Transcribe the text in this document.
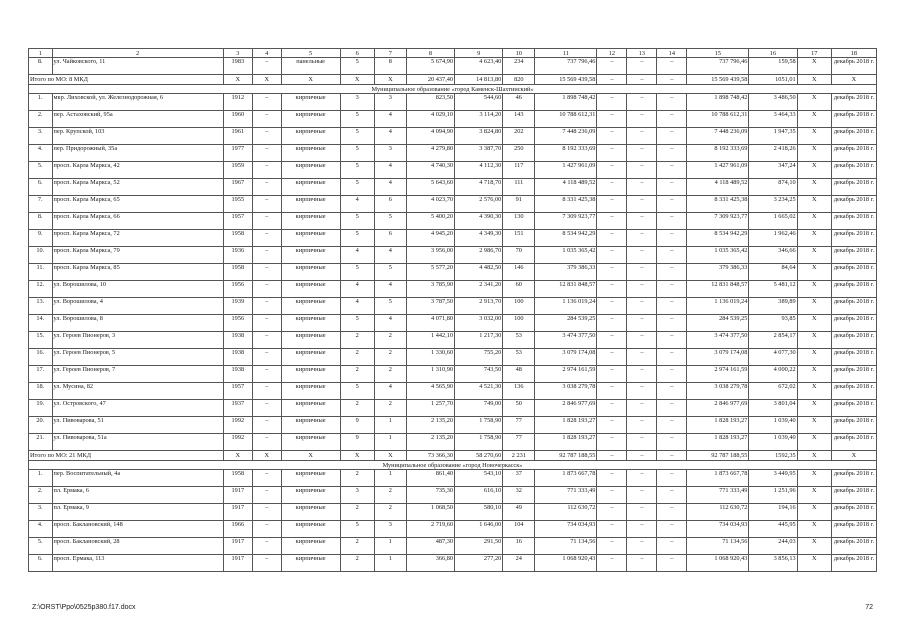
1	2	3	4	5	6	7	8	9	10	11	12	13	14	15	16	17	18
8.	ул. Чайковского, 11	1983	–	панельные	5	8	5 674,90	4 623,40	234	737 796,46	–	–	–	737 796,46	159,58	X	декабрь 2018 г.
Итого по МО: 8 МКД		X	X	X	X	X	20 437,40	14 813,80	820	15 569 439,58	–	–	–	15 569 439,58	1051,01	X	X
Муниципальное образование «город Каменск-Шахтинский»																	
1.	мкр. Лиховской, ул. Железнодорожная, 6	1912	–	кирпичные	3	3	823,50	544,60	46	1 898 748,42	–	–	–	1 898 748,42	3 486,50	X	декабрь 2018 г.
2.	пер. Астаховский, 95а	1960	–	кирпичные	5	4	4 029,10	3 114,20	143	10 788 612,31	–	–	–	10 788 612,31	3 464,33	X	декабрь 2018 г.
3.	пер. Крупской, 103	1961	–	кирпичные	5	4	4 094,90	3 824,80	202	7 448 236,09	–	–	–	7 448 236,09	1 947,35	X	декабрь 2018 г.
4.	пер. Придорожный, 35а	1977	–	кирпичные	5	3	4 279,80	3 387,70	250	8 192 333,69	–	–	–	8 192 333,69	2 418,26	X	декабрь 2018 г.
5.	просп. Карла Маркса, 42	1959	–	кирпичные	5	4	4 740,30	4 112,30	117	1 427 961,09	–	–	–	1 427 961,09	347,24	X	декабрь 2018 г.
6.	просп. Карла Маркса, 52	1967	–	кирпичные	5	4	5 643,60	4 718,70	111	4 118 489,52	–	–	–	4 118 489,52	874,10	X	декабрь 2018 г.
7.	просп. Карла Маркса, 65	1955	–	кирпичные	4	6	4 023,70	2 576,00	91	8 331 425,38	–	–	–	8 331 425,38	3 234,25	X	декабрь 2018 г.
8.	просп. Карла Маркса, 66	1957	–	кирпичные	5	5	5 400,20	4 390,30	130	7 309 923,77	–	–	–	7 309 923,77	1 665,02	X	декабрь 2018 г.
9.	просп. Карла Маркса, 72	1958	–	кирпичные	5	6	4 945,20	4 349,30	151	8 534 942,29	–	–	–	8 534 942,29	1 962,46	X	декабрь 2018 г.
10.	просп. Карла Маркса, 79	1936	–	кирпичные	4	4	3 956,00	2 986,70	70	1 035 365,42	–	–	–	1 035 365,42	346,66	X	декабрь 2018 г.
11.	просп. Карла Маркса, 85	1958	–	кирпичные	5	5	5 577,20	4 482,50	146	379 386,33	–	–	–	379 386,33	84,64	X	декабрь 2018 г.
12.	ул. Ворошилова, 10	1956	–	кирпичные	4	4	3 785,90	2 341,20	60	12 831 848,57	–	–	–	12 831 848,57	5 481,12	X	декабрь 2018 г.
13.	ул. Ворошилова, 4	1939	–	кирпичные	4	5	3 787,50	2 913,70	100	1 136 019,24	–	–	–	1 136 019,24	389,89	X	декабрь 2018 г.
14.	ул. Ворошилова, 8	1956	–	кирпичные	5	4	4 071,80	3 032,00	100	284 539,25	–	–	–	284 539,25	93,85	X	декабрь 2018 г.
15.	ул. Героев Пионеров, 3	1938	–	кирпичные	2	2	1 442,10	1 217,30	53	3 474 377,50	–	–	–	3 474 377,50	2 854,17	X	декабрь 2018 г.
16.	ул. Героев Пионеров, 5	1938	–	кирпичные	2	2	1 330,60	755,20	53	3 079 174,08	–	–	–	3 079 174,08	4 077,30	X	декабрь 2018 г.
17.	ул. Героев Пионеров, 7	1938	–	кирпичные	2	2	1 310,90	743,50	48	2 974 161,59	–	–	–	2 974 161,59	4 000,22	X	декабрь 2018 г.
18.	ул. Мусина, 82	1957	–	кирпичные	5	4	4 565,90	4 521,30	136	3 038 279,78	–	–	–	3 038 279,78	672,02	X	декабрь 2018 г.
19.	ул. Островского, 47	1937	–	кирпичные	2	2	1 257,70	749,00	50	2 846 977,69	–	–	–	2 846 977,69	3 801,04	X	декабрь 2018 г.
20.	ул. Пивоварова, 51	1992	–	кирпичные	9	1	2 135,20	1 758,90	77	1 828 193,27	–	–	–	1 828 193,27	1 039,40	X	декабрь 2018 г.
21.	ул. Пивоварова, 51а	1992	–	кирпичные	9	1	2 135,20	1 758,90	77	1 828 193,27	–	–	–	1 828 193,27	1 039,40	X	декабрь 2018 г.
Итого по МО: 21 МКД		X	X	X	X	X	73 366,30	58 270,60	2 231	92 787 188,55	–	–	–	92 787 188,55	1592,35	X	X
Муниципальное образование «город Новочеркасск»																	
1.	пер. Воспитательный, 4а	1958	–	кирпичные	2	1	861,40	543,10	37	1 873 667,78	–	–	–	1 873 667,78	3 449,95	X	декабрь 2018 г.
2.	пл. Ермака, 6	1917	–	кирпичные	3	2	735,30	616,10	32	771 333,49	–	–	–	771 333,49	1 251,96	X	декабрь 2018 г.
3.	пл. Ермака, 9	1917	–	кирпичные	2	2	1 068,50	580,10	49	112 630,72	–	–	–	112 630,72	194,16	X	декабрь 2018 г.
4.	просп. Баклановский, 148	1966	–	кирпичные	5	3	2 719,60	1 646,00	104	734 034,93	–	–	–	734 034,93	445,95	X	декабрь 2018 г.
5.	просп. Баклановский, 28	1917	–	кирпичные	2	1	487,30	291,50	16	71 134,56	–	–	–	71 134,56	244,03	X	декабрь 2018 г.
6.	просп. Ермака, 113	1917	–	кирпичные	2	1	366,80	277,20	24	1 068 920,43	–	–	–	1 068 920,43	3 856,13	X	декабрь 2018 г.
Z:\ORST\Ppo\0525p380.f17.docx	72
